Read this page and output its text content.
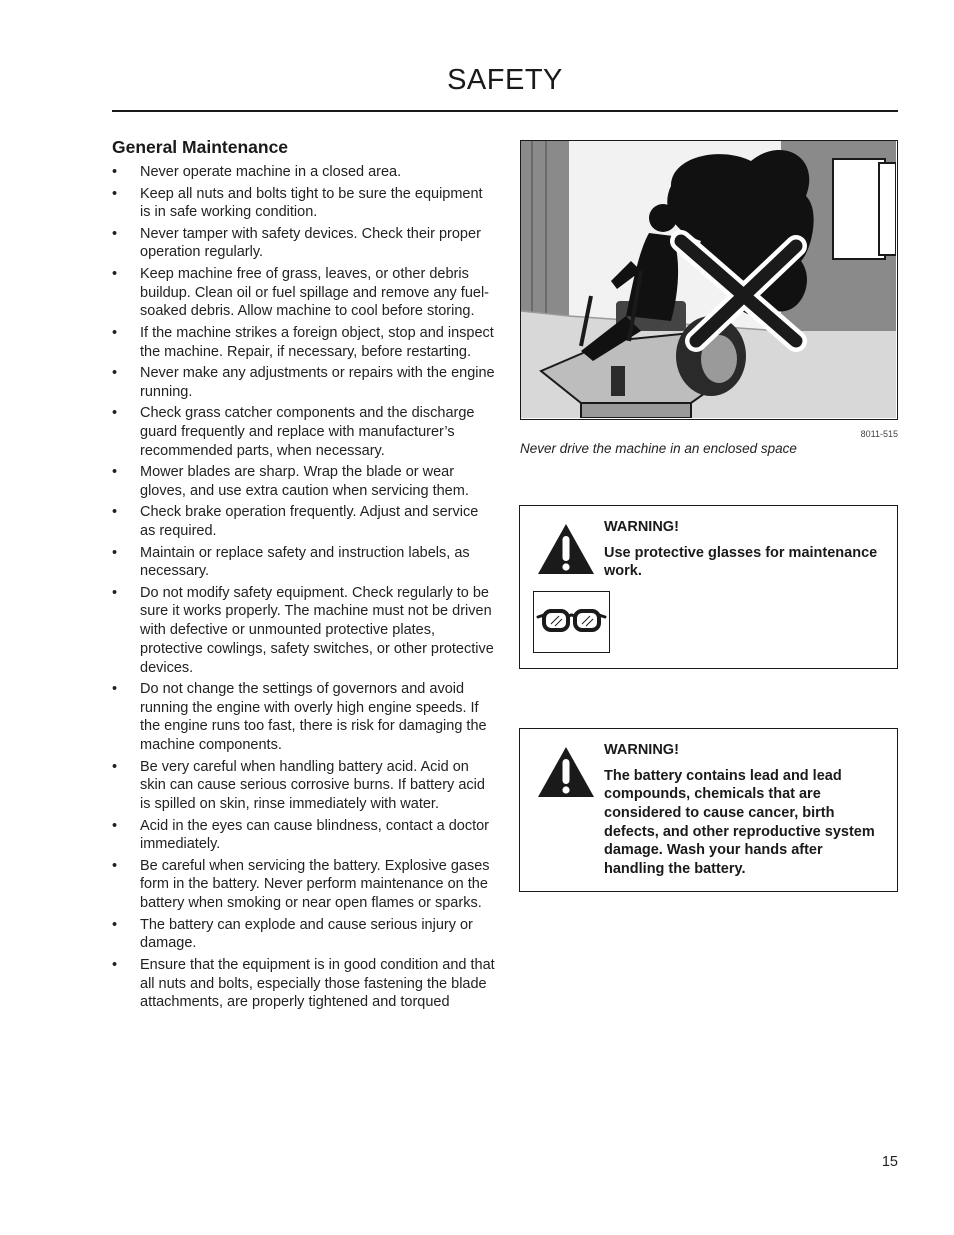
SAFETY
General Maintenance
• Never operate machine in a closed area.
• Keep all nuts and bolts tight to be sure the equipment is in safe working condition.
• Never tamper with safety devices. Check their proper operation regularly.
• Keep machine free of grass, leaves, or other debris buildup. Clean oil or fuel spillage and remove any fuel-soaked debris. Allow machine to cool before storing.
• If the machine strikes a foreign object, stop and inspect the machine. Repair, if necessary, before restarting.
• Never make any adjustments or repairs with the engine running.
• Check grass catcher components and the discharge guard frequently and replace with manufacturer’s recommended parts, when necessary.
• Mower blades are sharp. Wrap the blade or wear gloves, and use extra caution when servicing them.
• Check brake operation frequently. Adjust and service as required.
• Maintain or replace safety and instruction labels, as necessary.
• Do not modify safety equipment. Check regularly to be sure it works properly. The machine must not be driven with defective or unmounted protective plates, protective cowlings, safety switches, or other protective devices.
• Do not change the settings of governors and avoid running the engine with overly high engine speeds. If the engine runs too fast, there is risk for damaging the machine components.
• Be very careful when handling battery acid. Acid on skin can cause serious corrosive burns. If battery acid is spilled on skin, rinse immediately with water.
• Acid in the eyes can cause blindness, contact a doctor immediately.
• Be careful when servicing the battery. Explosive gases form in the battery. Never perform maintenance on the battery when smoking or near open flames or sparks.
• The battery can explode and cause serious injury or damage.
• Ensure that the equipment is in good condition and that all nuts and bolts, especially those fastening the blade attachments, are properly tightened and torqued
8011-515
Never drive the machine in an enclosed space
WARNING!
Use protective glasses for maintenance work.
WARNING!
The battery contains lead and lead compounds, chemicals that are considered to cause cancer, birth defects, and other reproductive system damage. Wash your hands after handling the battery.
15
